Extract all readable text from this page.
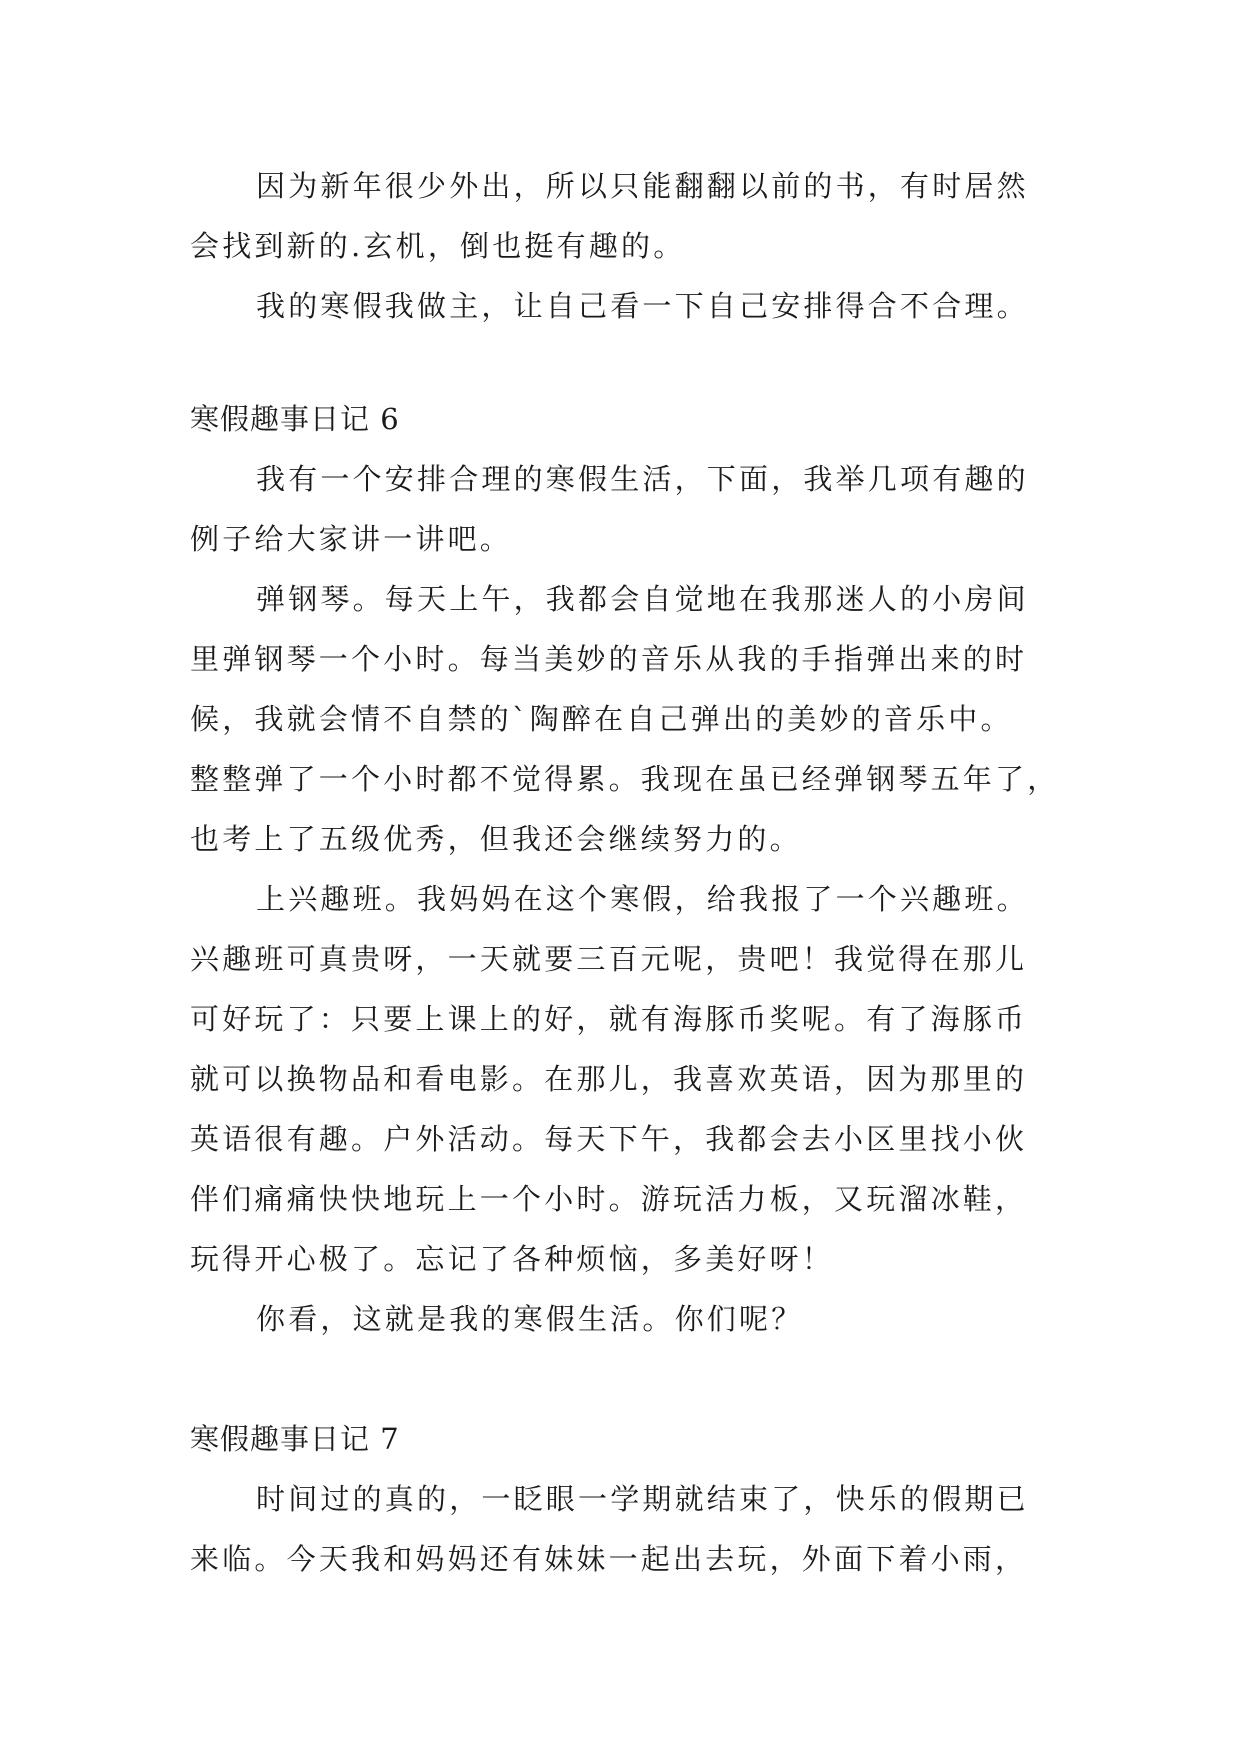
因为新年很少外出，所以只能翻翻以前的书，有时居然
会找到新的.玄机，倒也挺有趣的。
我的寒假我做主，让自己看一下自己安排得合不合理。
寒假趣事日记 6
我有一个安排合理的寒假生活，下面，我举几项有趣的
例子给大家讲一讲吧。
弹钢琴。每天上午，我都会自觉地在我那迷人的小房间
里弹钢琴一个小时。每当美妙的音乐从我的手指弹出来的时
候，我就会情不自禁的`陶醉在自己弹出的美妙的音乐中。
整整弹了一个小时都不觉得累。我现在虽已经弹钢琴五年了，
也考上了五级优秀，但我还会继续努力的。
上兴趣班。我妈妈在这个寒假，给我报了一个兴趣班。
兴趣班可真贵呀，一天就要三百元呢，贵吧！我觉得在那儿
可好玩了：只要上课上的好，就有海豚币奖呢。有了海豚币
就可以换物品和看电影。在那儿，我喜欢英语，因为那里的
英语很有趣。户外活动。每天下午，我都会去小区里找小伙
伴们痛痛快快地玩上一个小时。游玩活力板，又玩溜冰鞋，
玩得开心极了。忘记了各种烦恼，多美好呀！
你看，这就是我的寒假生活。你们呢？
寒假趣事日记 7
时间过的真的，一眨眼一学期就结束了，快乐的假期已
来临。今天我和妈妈还有妹妹一起出去玩，外面下着小雨，
